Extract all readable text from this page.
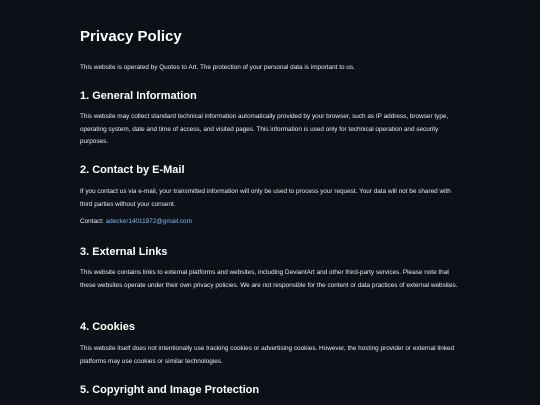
Privacy Policy

This website is operated by Quotes to Art. The protection of your personal data is important to us.

1. General Information

This website may collect standard technical information automatically provided by your browser, such as IP address, browser type, operating system, date and time of access, and visited pages. This information is used only for technical operation and security purposes.

2. Contact by E-Mail

If you contact us via e-mail, your transmitted information will only be used to process your request. Your data will not be shared with third parties without your consent.

Contact: adecker14011972@gmail.com

3. External Links

This website contains links to external platforms and websites, including DeviantArt and other third-party services. Please note that these websites operate under their own privacy policies. We are not responsible for the content or data practices of external websites.

4. Cookies

This website itself does not intentionally use tracking cookies or advertising cookies. However, the hosting provider or external linked platforms may use cookies or similar technologies.

5. Copyright and Image Protection
